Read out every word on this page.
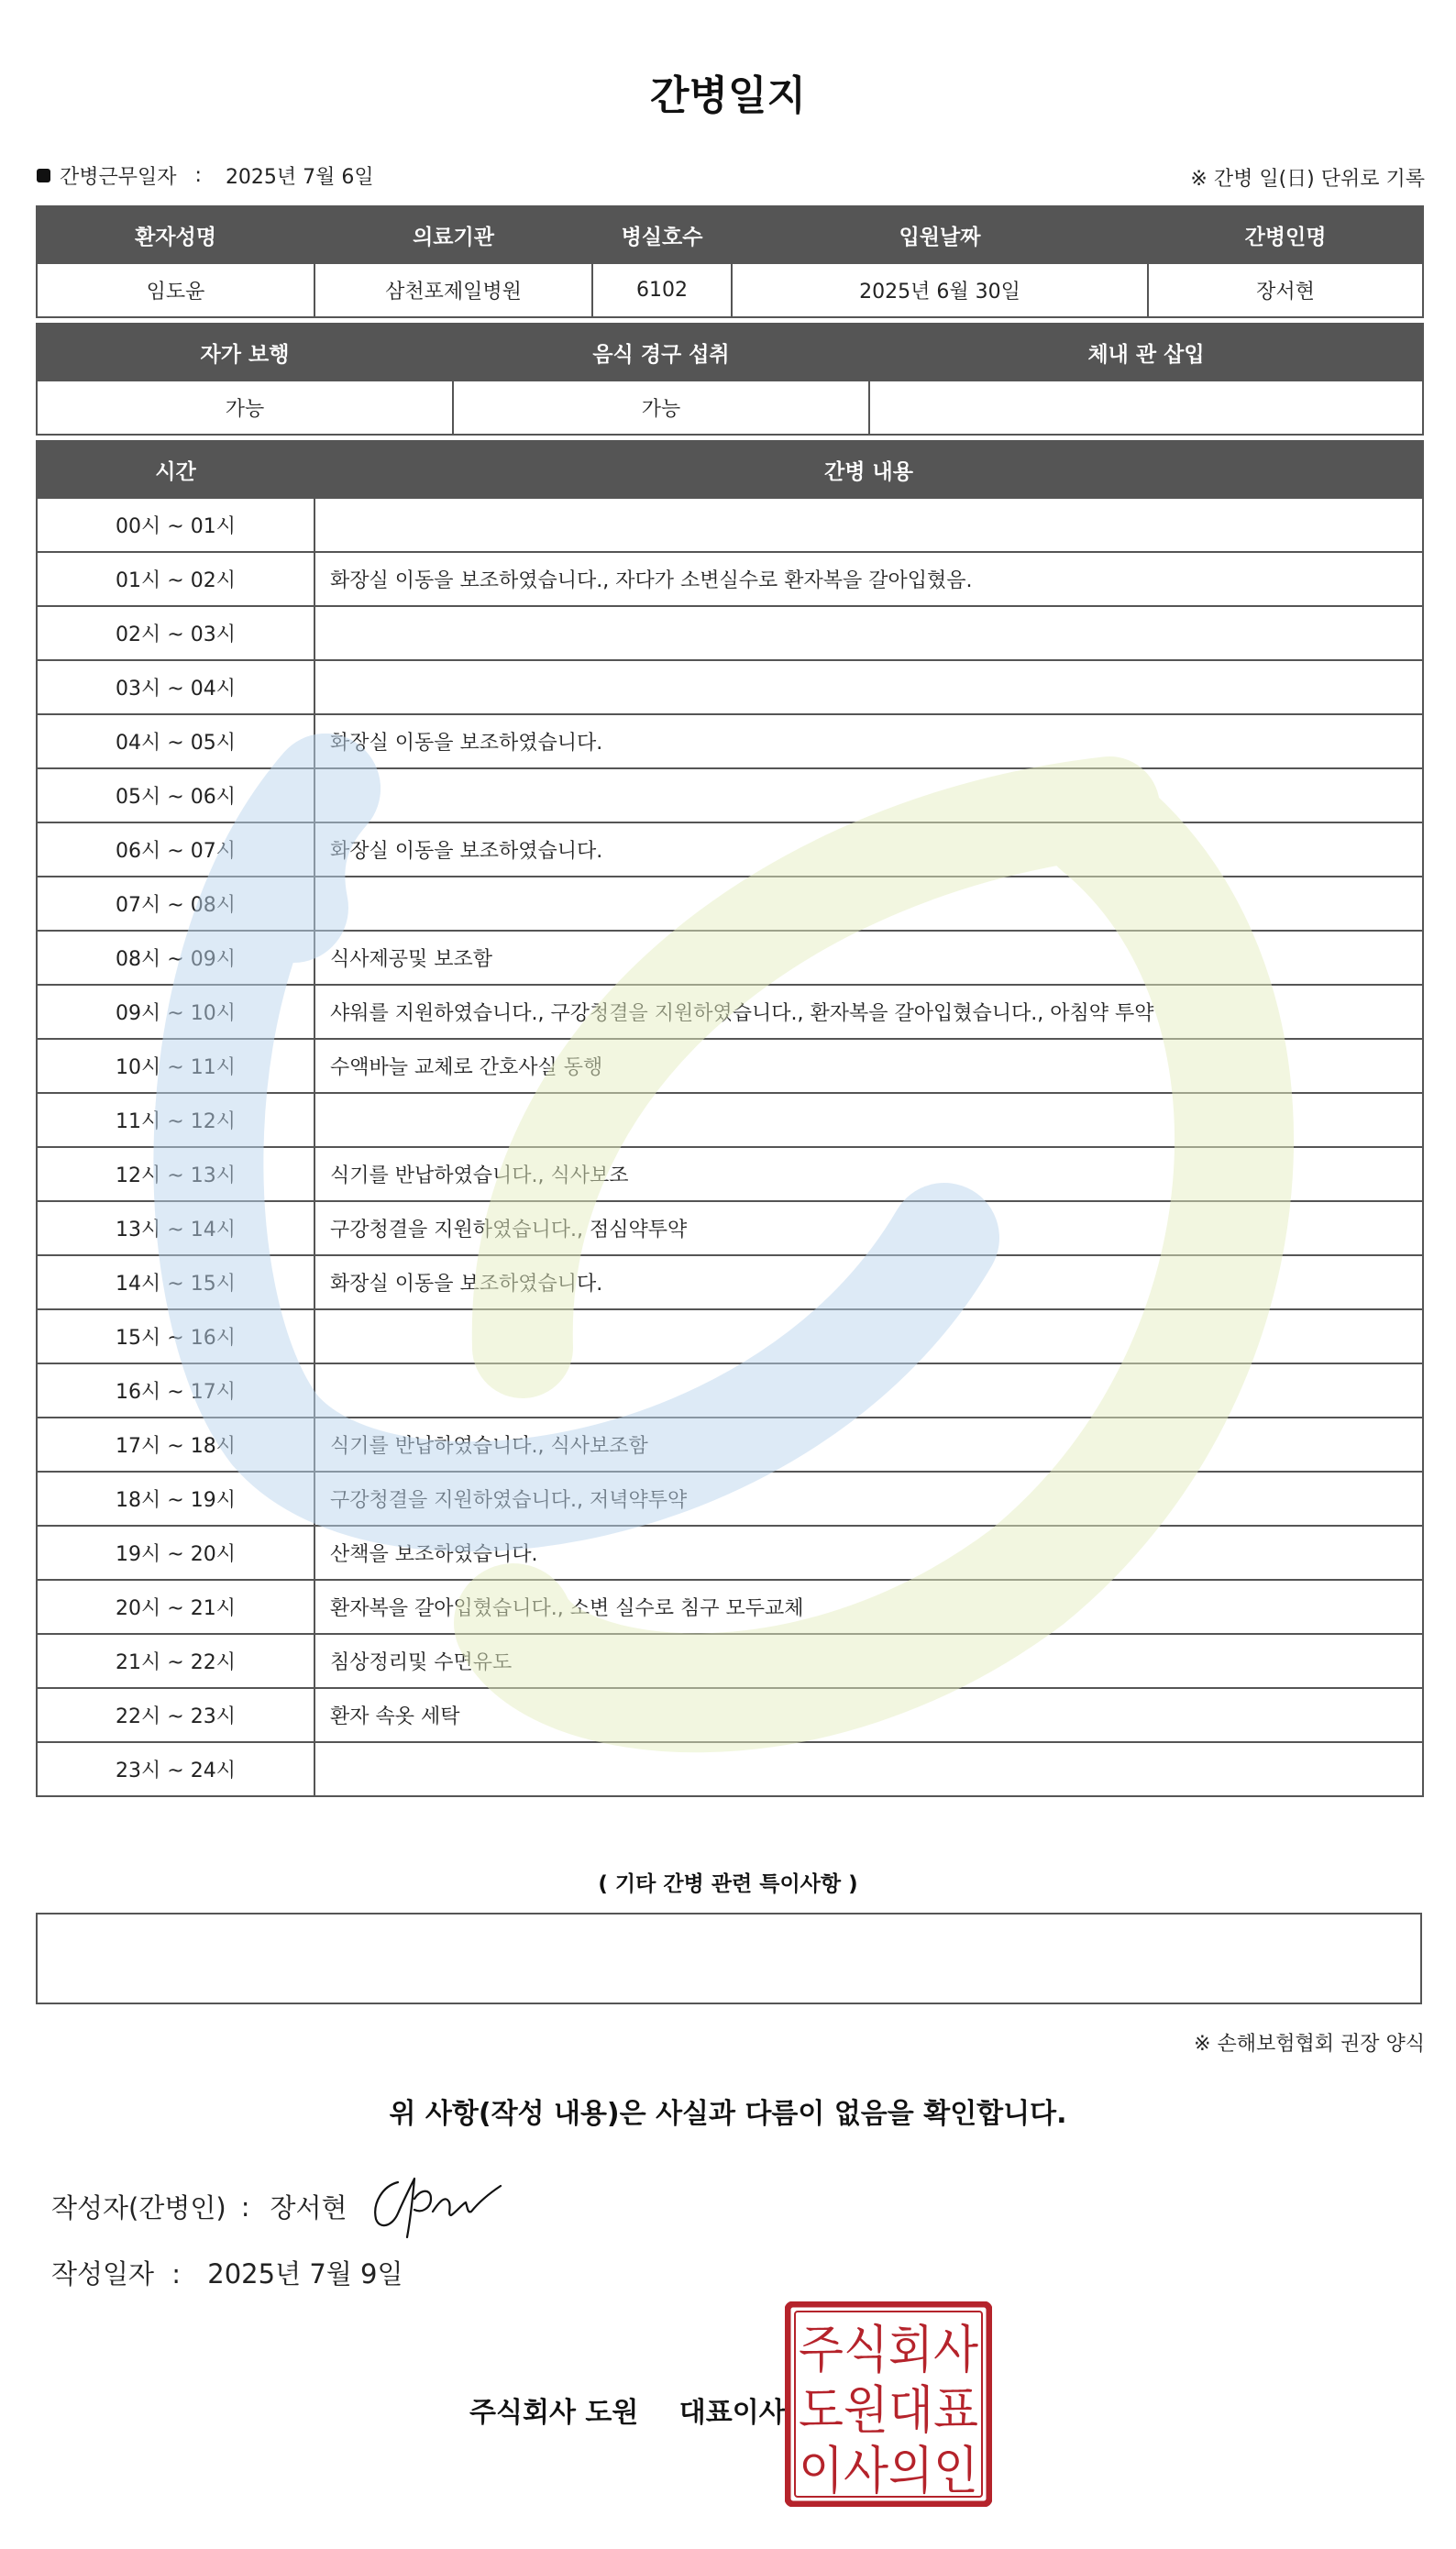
간병일지
간병근무일자 : 2025년 7월 6일	※ 간병 일(日) 단위로 기록
환자성명	의료기관	병실호수	입원날짜	간병인명
임도윤	삼천포제일병원	6102	2025년 6월 30일	장서현
자가 보행	음식 경구 섭취	체내 관 삽입
가능	가능	
시간	간병 내용
00시 ~ 01시	
01시 ~ 02시	화장실 이동을 보조하였습니다., 자다가 소변실수로 환자복을 갈아입혔음.
02시 ~ 03시	
03시 ~ 04시	
04시 ~ 05시	화장실 이동을 보조하였습니다.
05시 ~ 06시	
06시 ~ 07시	화장실 이동을 보조하였습니다.
07시 ~ 08시	
08시 ~ 09시	식사제공및 보조함
09시 ~ 10시	샤워를 지원하였습니다., 구강청결을 지원하였습니다., 환자복을 갈아입혔습니다., 아침약 투약
10시 ~ 11시	수액바늘 교체로 간호사실 동행
11시 ~ 12시	
12시 ~ 13시	식기를 반납하였습니다., 식사보조
13시 ~ 14시	구강청결을 지원하였습니다., 점심약투약
14시 ~ 15시	화장실 이동을 보조하였습니다.
15시 ~ 16시	
16시 ~ 17시	
17시 ~ 18시	식기를 반납하였습니다., 식사보조함
18시 ~ 19시	구강청결을 지원하였습니다., 저녁약투약
19시 ~ 20시	산책을 보조하였습니다.
20시 ~ 21시	환자복을 갈아입혔습니다., 소변 실수로 침구 모두교체
21시 ~ 22시	침상정리및 수면유도
22시 ~ 23시	환자 속옷 세탁
23시 ~ 24시	
( 기타 간병 관련 특이사항 )
※ 손해보험협회 권장 양식
위 사항(작성 내용)은 사실과 다름이 없음을 확인합니다.
작성자(간병인) : 장서현
작성일자 : 2025년 7월 9일
주식회사 도원 대표이사
주식회사
도원대표
이사의인
